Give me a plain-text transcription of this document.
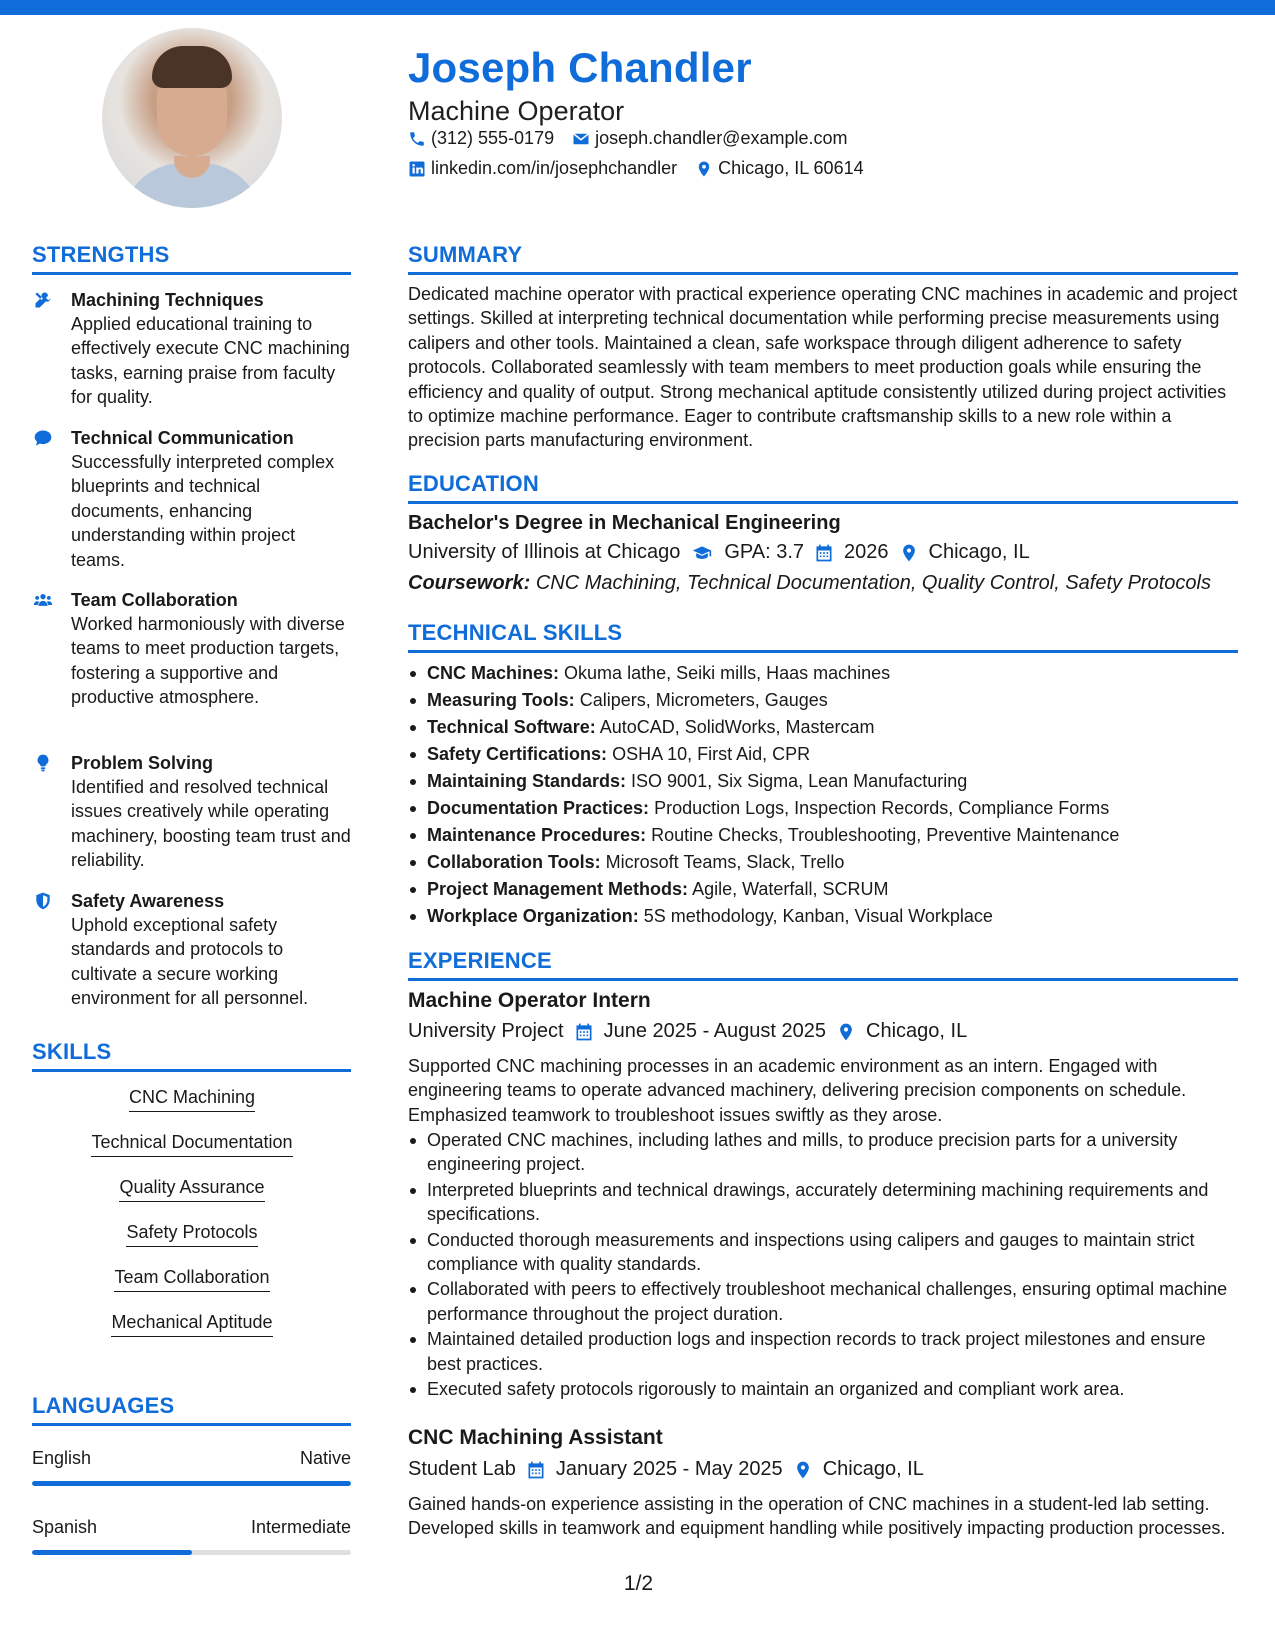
Joseph Chandler
Machine Operator
(312) 555-0179 joseph.chandler@example.com
linkedin.com/in/josephchandler Chicago, IL 60614
STRENGTHS
Machining Techniques
Applied educational training to effectively execute CNC machining tasks, earning praise from faculty for quality.
Technical Communication
Successfully interpreted complex blueprints and technical documents, enhancing understanding within project teams.
Team Collaboration
Worked harmoniously with diverse teams to meet production targets, fostering a supportive and productive atmosphere.
Problem Solving
Identified and resolved technical issues creatively while operating machinery, boosting team trust and reliability.
Safety Awareness
Uphold exceptional safety standards and protocols to cultivate a secure working environment for all personnel.
SKILLS
CNC Machining
Technical Documentation
Quality Assurance
Safety Protocols
Team Collaboration
Mechanical Aptitude
LANGUAGES
English	Native
Spanish	Intermediate
SUMMARY
Dedicated machine operator with practical experience operating CNC machines in academic and project settings. Skilled at interpreting technical documentation while performing precise measurements using calipers and other tools. Maintained a clean, safe workspace through diligent adherence to safety protocols. Collaborated seamlessly with team members to meet production goals while ensuring the efficiency and quality of output. Strong mechanical aptitude consistently utilized during project activities to optimize machine performance. Eager to contribute craftsmanship skills to a new role within a precision parts manufacturing environment.
EDUCATION
Bachelor's Degree in Mechanical Engineering
University of Illinois at Chicago GPA: 3.7 2026 Chicago, IL
Coursework: CNC Machining, Technical Documentation, Quality Control, Safety Protocols
TECHNICAL SKILLS
CNC Machines: Okuma lathe, Seiki mills, Haas machines
Measuring Tools: Calipers, Micrometers, Gauges
Technical Software: AutoCAD, SolidWorks, Mastercam
Safety Certifications: OSHA 10, First Aid, CPR
Maintaining Standards: ISO 9001, Six Sigma, Lean Manufacturing
Documentation Practices: Production Logs, Inspection Records, Compliance Forms
Maintenance Procedures: Routine Checks, Troubleshooting, Preventive Maintenance
Collaboration Tools: Microsoft Teams, Slack, Trello
Project Management Methods: Agile, Waterfall, SCRUM
Workplace Organization: 5S methodology, Kanban, Visual Workplace
EXPERIENCE
Machine Operator Intern
University Project June 2025 - August 2025 Chicago, IL
Supported CNC machining processes in an academic environment as an intern. Engaged with engineering teams to operate advanced machinery, delivering precision components on schedule. Emphasized teamwork to troubleshoot issues swiftly as they arose.
Operated CNC machines, including lathes and mills, to produce precision parts for a university engineering project.
Interpreted blueprints and technical drawings, accurately determining machining requirements and specifications.
Conducted thorough measurements and inspections using calipers and gauges to maintain strict compliance with quality standards.
Collaborated with peers to effectively troubleshoot mechanical challenges, ensuring optimal machine performance throughout the project duration.
Maintained detailed production logs and inspection records to track project milestones and ensure best practices.
Executed safety protocols rigorously to maintain an organized and compliant work area.
CNC Machining Assistant
Student Lab January 2025 - May 2025 Chicago, IL
Gained hands-on experience assisting in the operation of CNC machines in a student-led lab setting. Developed skills in teamwork and equipment handling while positively impacting production processes.
1/2
